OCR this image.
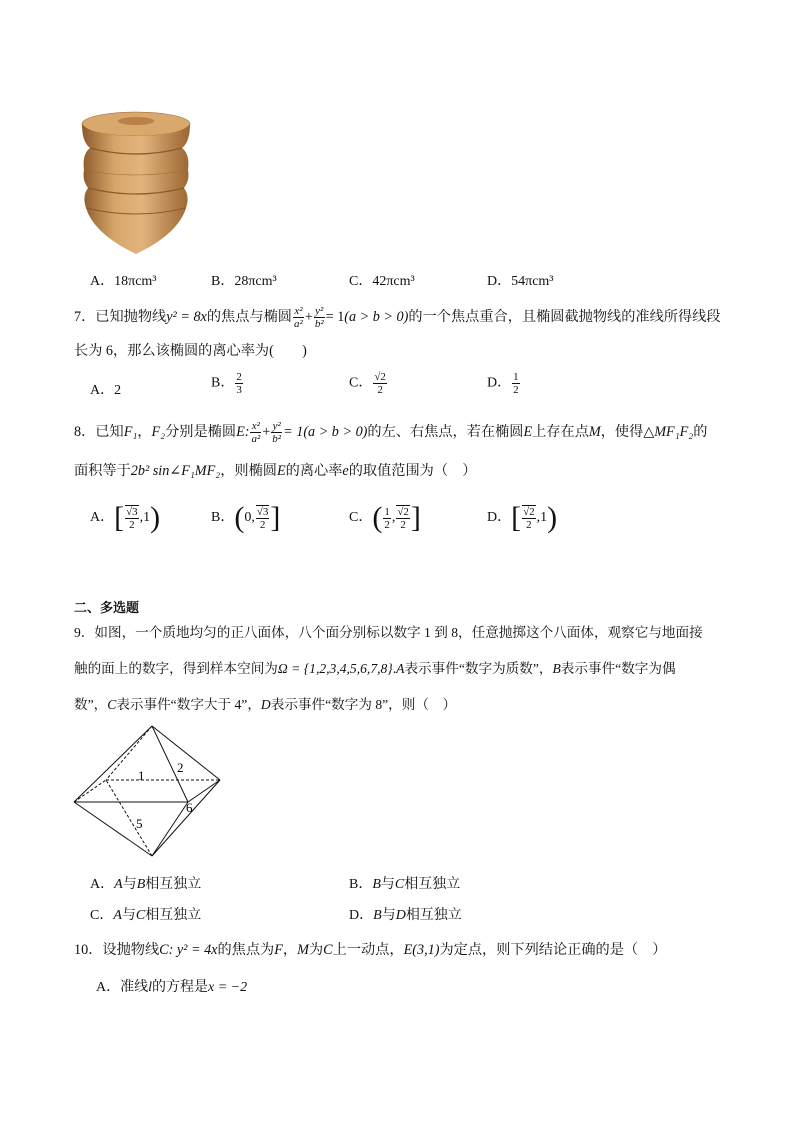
A．18πcm³	B．28πcm³	C．42πcm³	D．54πcm³
7．已知抛物线y² = 8x的焦点与椭圆 $\frac{\text{x²}}{\text{a²}} + \frac{\text{y²}}{\text{b²}} = 1(a > b > 0)$的一个焦点重合，且椭圆截抛物线的准线所得线段
长为 6，那么该椭圆的离心率为(　　)
A．2	B． $\frac{2}{3}$	C． $\frac{√2}{2}$	D． $\frac{1}{2}$
8．已知F₁，F₂分别是椭圆E: $\frac{\text{x²}}{\text{a²}} + \frac{\text{y²}}{\text{b²}} = 1(a > b > 0)$的左、右焦点，若在椭圆E上存在点M，使得△MF₁F₂的
面积等于2b² sin∠F₁MF₂，则椭圆E的离心率e的取值范围为（　）
A．[ $\frac{√3}{2} ,1$)	B．(0, $\frac{√3}{2}$ ]	C．( $\frac{1}{2}$ , $\frac{√2}{2}$ ]	D．[ $\frac{√2}{2} ,1$)
二、多选题
9．如图，一个质地均匀的正八面体，八个面分别标以数字 1 到 8，任意抛掷这个八面体，观察它与地面接
触的面上的数字，得到样本空间为Ω = {1,2,3,4,5,6,7,8}.A表示事件“数字为质数”，B表示事件“数字为偶
数”，C表示事件“数字大于 4”，D表示事件“数字为 8”，则（　）
1
2
5
6
A．A与B相互独立	B．B与C相互独立
C．A与C相互独立	D．B与D相互独立
10．设抛物线C: y² = 4x的焦点为F，M为C上一动点，E(3,1)为定点，则下列结论正确的是（　）
A．准线l的方程是x = −2
